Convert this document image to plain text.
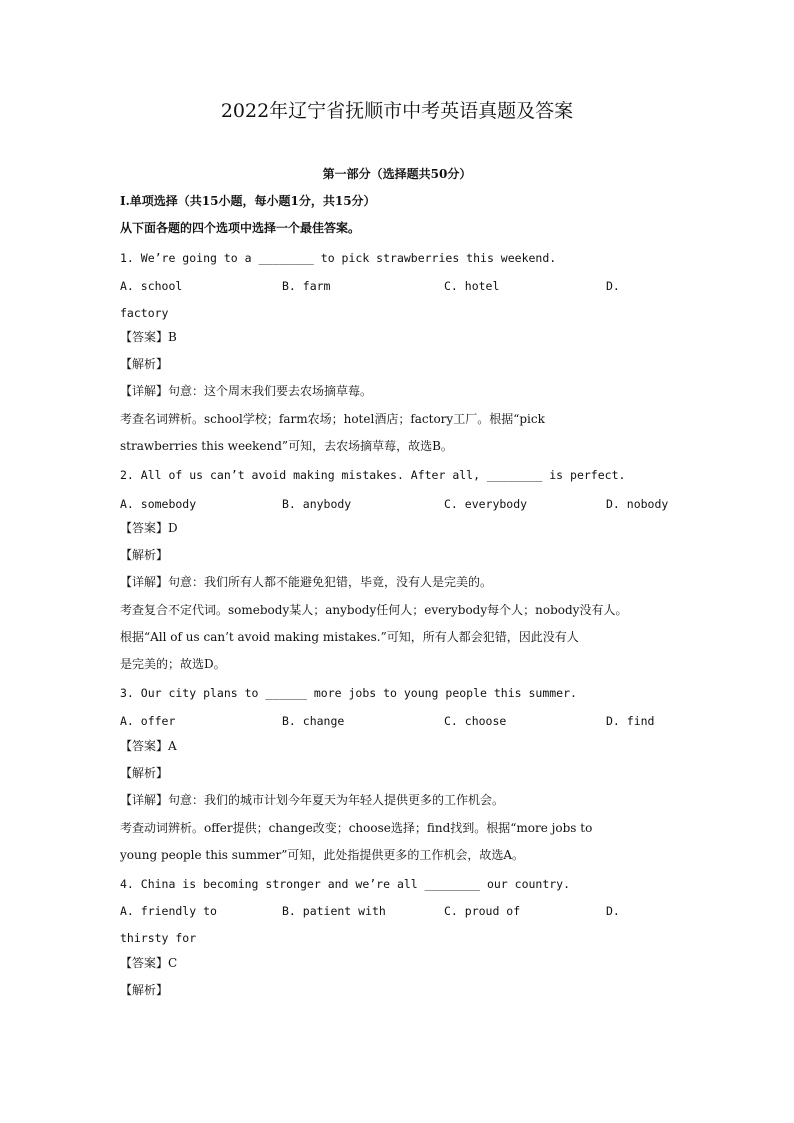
2022年辽宁省抚顺市中考英语真题及答案
第一部分（选择题共50分）
I.单项选择（共15小题，每小题1分，共15分）
从下面各题的四个选项中选择一个最佳答案。
1. We’re going to a ________ to pick strawberries this weekend.
A. school	B. farm	C. hotel	D.
factory
【答案】B
【解析】
【详解】句意：这个周末我们要去农场摘草莓。
考查名词辨析。school学校；farm农场；hotel酒店；factory工厂。根据“pick
strawberries this weekend”可知，去农场摘草莓，故选B。
2. All of us can’t avoid making mistakes. After all, ________ is perfect.
A. somebody	B. anybody	C. everybody	D. nobody
【答案】D
【解析】
【详解】句意：我们所有人都不能避免犯错，毕竟，没有人是完美的。
考查复合不定代词。somebody某人；anybody任何人；everybody每个人；nobody没有人。
根据“All of us can’t avoid making mistakes.”可知，所有人都会犯错，因此没有人
是完美的；故选D。
3. Our city plans to ______ more jobs to young people this summer.
A. offer	B. change	C. choose	D. find
【答案】A
【解析】
【详解】句意：我们的城市计划今年夏天为年轻人提供更多的工作机会。
考查动词辨析。offer提供；change改变；choose选择；find找到。根据“more jobs to
young people this summer”可知，此处指提供更多的工作机会，故选A。
4. China is becoming stronger and we’re all ________ our country.
A. friendly to	B. patient with	C. proud of	D.
thirsty for
【答案】C
【解析】
